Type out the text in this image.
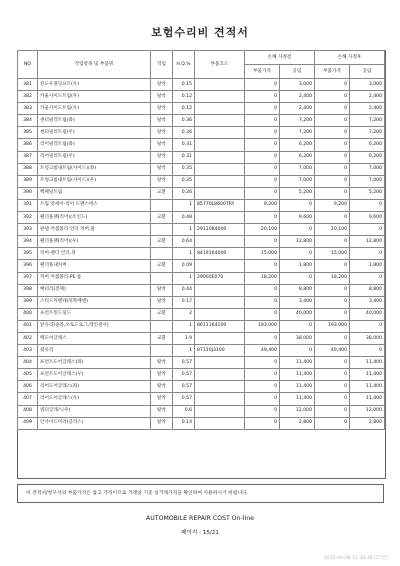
보험수리비 견적서
NO	작업항목 및 부품명	작업	H.Q.%	부품코드	손해 사정전		손해 사정후	
					부품가격	공임	부품가격	공임
381	윈도우몰딩프트(우)	탈착	0.15		0	3,000	0	3,000
382	카울사이드트림(우)	탈착	0.12		0	2,400	0	2,400
383	카울사이드트림(우)	탈착	0.12		0	2,400	0	2,400
384	센터필러트림(좌)	탈착	0.36		0	7,200	0	7,200
385	센터필러트림(우)	탈착	0.36		0	7,200	0	7,200
386	리어필러트림(좌)	탈착	0.31		0	6,200	0	6,200
387	리어필러트림(우)	탈착	0.31		0	6,200	0	6,200
388	트렁크룸내트림(사이드)(좌)	탈착	0.35		0	7,000	0	7,000
389	트렁크룸내트림(사이드)(우)	탈착	0.35		0	7,000	0	7,000
390	백패널트림	교환	0.26		0	5,200	0	5,200
391	트림 앗세이-리어 트랜스버스		1	85770L8600TRY	9,200	0	9,200	0
392	팬더플랫(리어)(조인드)	교환	0.48		0	9,600	0	9,600
393	판넬 어셈블리-언더 커버,말		1	29110K4000	20,100	0	20,100	0
394	팬더플랫(리어)(우)	교환	0.64		0	12,800	0	12,800
395	커버-팬더 언더,뒤		1	84191K4000	15,000	0	15,000	0
396	팬더플내커버	교환	0.09		0	1,800	0	1,800
397	커버 어셈블리-PE 룸		1	29000E070	18,200	0	18,200	0
398	배터리(전체)	탈착	0.44		0	8,800	0	8,800
399	스티드커텐테(뒤쪽배엔)	탈착	0.17		0	3,400	0	3,400
400	프런트윈드실드	교환	2		0	40,000	0	40,000
401	앞유리(솔라,오토드로그,레인센서)		1	86111K4100	193,000	0	193,000	0
402	백도어글래스	교환	1.9		0	38,000	0	38,000
403	뒷유리		1	87110J3100	49,400	0	49,400	0
404	프런트도어글래스(좌)	탈착	0.57		0	11,400	0	11,400
405	프런트도어글래스(우)	탈착	0.57		0	11,400	0	11,400
406	리어도어글래스(좌)	탈착	0.57		0	11,400	0	11,400
407	리어도어글래스(우)	탈착	0.57		0	11,400	0	11,400
408	쿼터글래스(우)	탈착	0.6		0	12,000	0	12,000
409	안사이드미러(글라스)	탈착	0.14		0	2,800	0	2,800
이 견적서/청구서의 부품가격은 참고 가격이므로 거래일 기준 실거래가격을 확인하여 사용하시기 바랍니다.
AUTOMOBILE REPAIR COST On-line
페이지 : 15/21
2015-08-08 11:38:48 (57번)
